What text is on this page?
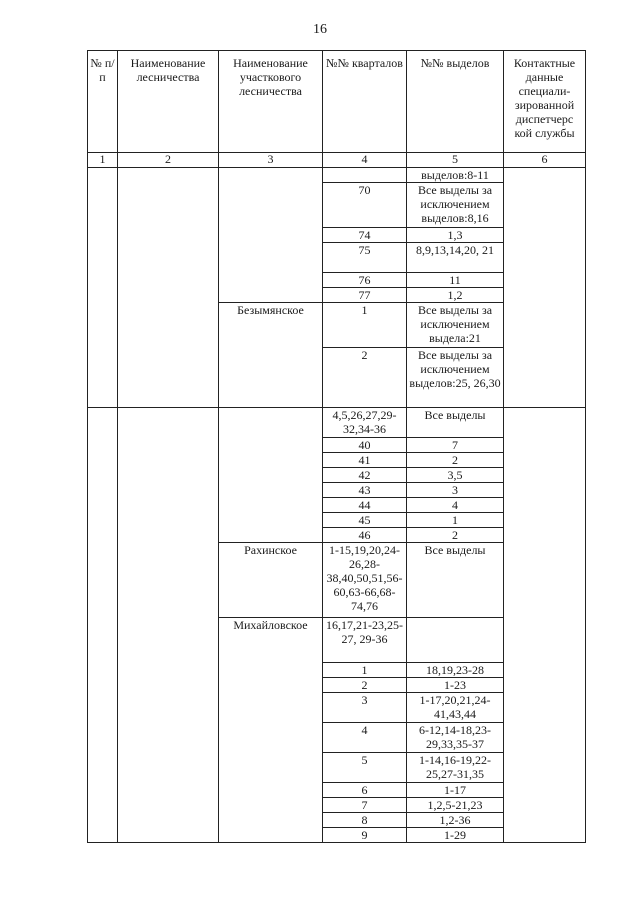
16
№ п/п	Наименование лесничества	Наименование участкового лесничества	№№ кварталов	№№ выделов	Контактные данные специали-зированной диспетчерс кой службы
1	2	3	4	5	6
				выделов:8-11	
			70	Все выделы за исключением выделов:8,16	
			74	1,3	
			75	8,9,13,14,20, 21	
			76	11	
			77	1,2	
		Безымянское	1	Все выделы за исключением выдела:21	
			2	Все выделы за исключением выделов:25, 26,30	
			4,5,26,27,29-32,34-36	Все выделы	
			40	7	
			41	2	
			42	3,5	
			43	3	
			44	4	
			45	1	
			46	2	
		Рахинское	1-15,19,20,24-26,28-38,40,50,51,56-60,63-66,68-74,76	Все выделы	
		Михайловское	16,17,21-23,25-27, 29-36		
			1	18,19,23-28	
			2	1-23	
			3	1-17,20,21,24-41,43,44	
			4	6-12,14-18,23-29,33,35-37	
			5	1-14,16-19,22-25,27-31,35	
			6	1-17	
			7	1,2,5-21,23	
			8	1,2-36	
			9	1-29	
